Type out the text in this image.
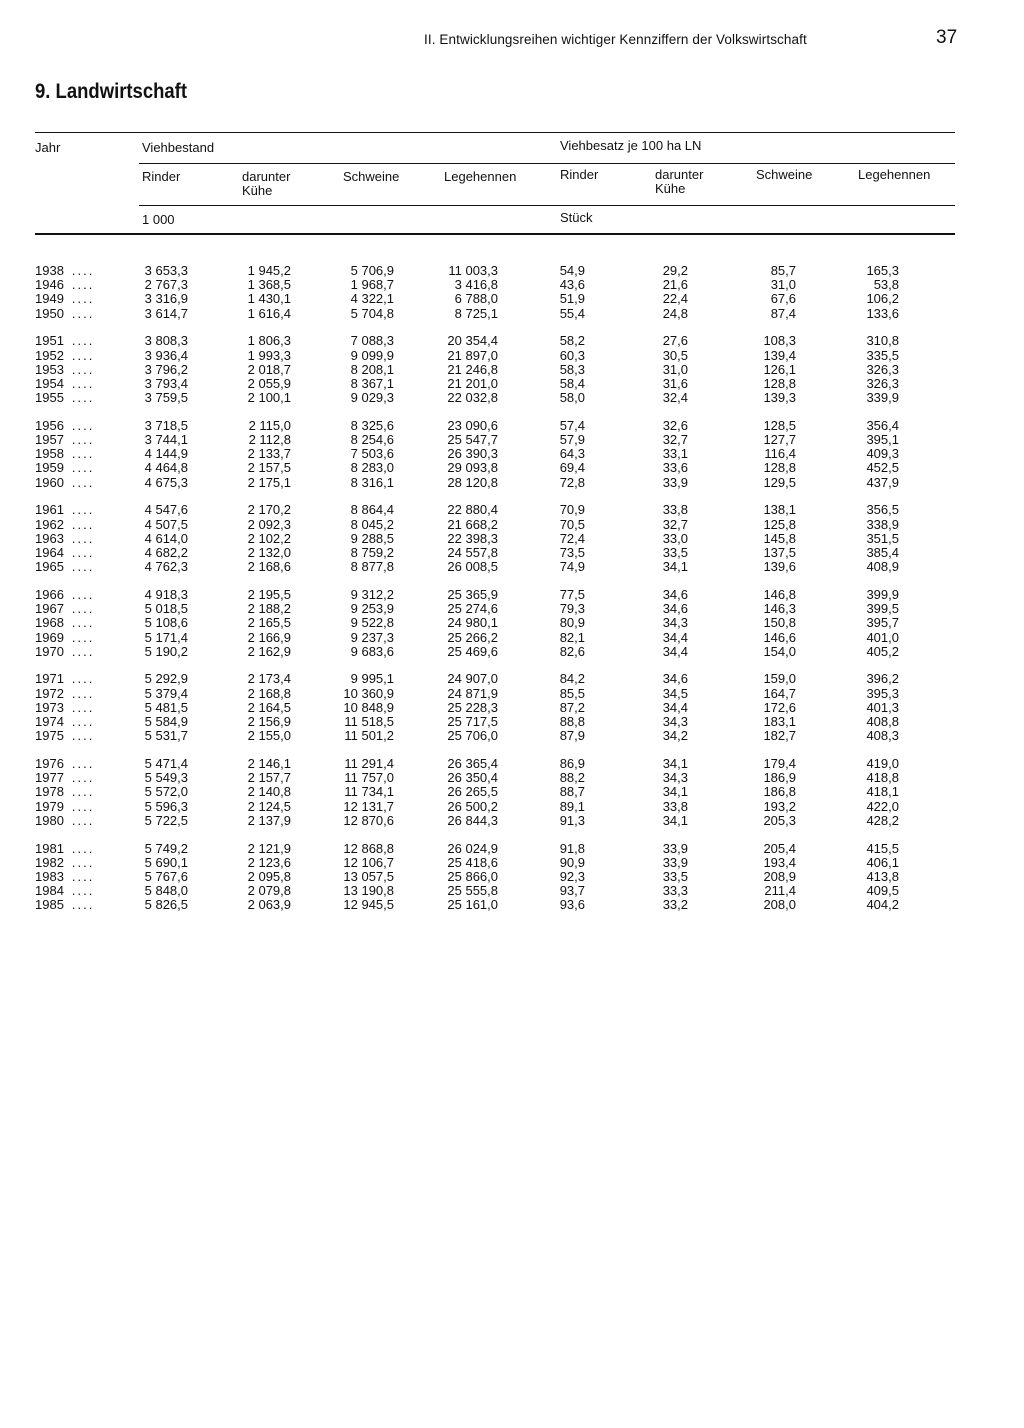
II. Entwicklungsreihen wichtiger Kennziffern der Volkswirtschaft	37
9. Landwirtschaft
Jahr	Viehbestand	Viehbesatz je 100 ha LN
Rinder	darunter
Kühe
Schweine	Legehennen	Rinder	darunter
Kühe
Schweine	Legehennen
1 000	Stück
1938 ....	3 653,3	1 945,2	5 706,9	11 003,3	54,9	29,2	85,7	165,3
1946 ....	2 767,3	1 368,5	1 968,7	3 416,8	43,6	21,6	31,0	53,8
1949 ....	3 316,9	1 430,1	4 322,1	6 788,0	51,9	22,4	67,6	106,2
1950 ....	3 614,7	1 616,4	5 704,8	8 725,1	55,4	24,8	87,4	133,6
1951 ....	3 808,3	1 806,3	7 088,3	20 354,4	58,2	27,6	108,3	310,8
1952 ....	3 936,4	1 993,3	9 099,9	21 897,0	60,3	30,5	139,4	335,5
1953 ....	3 796,2	2 018,7	8 208,1	21 246,8	58,3	31,0	126,1	326,3
1954 ....	3 793,4	2 055,9	8 367,1	21 201,0	58,4	31,6	128,8	326,3
1955 ....	3 759,5	2 100,1	9 029,3	22 032,8	58,0	32,4	139,3	339,9
1956 ....	3 718,5	2 115,0	8 325,6	23 090,6	57,4	32,6	128,5	356,4
1957 ....	3 744,1	2 112,8	8 254,6	25 547,7	57,9	32,7	127,7	395,1
1958 ....	4 144,9	2 133,7	7 503,6	26 390,3	64,3	33,1	116,4	409,3
1959 ....	4 464,8	2 157,5	8 283,0	29 093,8	69,4	33,6	128,8	452,5
1960 ....	4 675,3	2 175,1	8 316,1	28 120,8	72,8	33,9	129,5	437,9
1961 ....	4 547,6	2 170,2	8 864,4	22 880,4	70,9	33,8	138,1	356,5
1962 ....	4 507,5	2 092,3	8 045,2	21 668,2	70,5	32,7	125,8	338,9
1963 ....	4 614,0	2 102,2	9 288,5	22 398,3	72,4	33,0	145,8	351,5
1964 ....	4 682,2	2 132,0	8 759,2	24 557,8	73,5	33,5	137,5	385,4
1965 ....	4 762,3	2 168,6	8 877,8	26 008,5	74,9	34,1	139,6	408,9
1966 ....	4 918,3	2 195,5	9 312,2	25 365,9	77,5	34,6	146,8	399,9
1967 ....	5 018,5	2 188,2	9 253,9	25 274,6	79,3	34,6	146,3	399,5
1968 ....	5 108,6	2 165,5	9 522,8	24 980,1	80,9	34,3	150,8	395,7
1969 ....	5 171,4	2 166,9	9 237,3	25 266,2	82,1	34,4	146,6	401,0
1970 ....	5 190,2	2 162,9	9 683,6	25 469,6	82,6	34,4	154,0	405,2
1971 ....	5 292,9	2 173,4	9 995,1	24 907,0	84,2	34,6	159,0	396,2
1972 ....	5 379,4	2 168,8	10 360,9	24 871,9	85,5	34,5	164,7	395,3
1973 ....	5 481,5	2 164,5	10 848,9	25 228,3	87,2	34,4	172,6	401,3
1974 ....	5 584,9	2 156,9	11 518,5	25 717,5	88,8	34,3	183,1	408,8
1975 ....	5 531,7	2 155,0	11 501,2	25 706,0	87,9	34,2	182,7	408,3
1976 ....	5 471,4	2 146,1	11 291,4	26 365,4	86,9	34,1	179,4	419,0
1977 ....	5 549,3	2 157,7	11 757,0	26 350,4	88,2	34,3	186,9	418,8
1978 ....	5 572,0	2 140,8	11 734,1	26 265,5	88,7	34,1	186,8	418,1
1979 ....	5 596,3	2 124,5	12 131,7	26 500,2	89,1	33,8	193,2	422,0
1980 ....	5 722,5	2 137,9	12 870,6	26 844,3	91,3	34,1	205,3	428,2
1981 ....	5 749,2	2 121,9	12 868,8	26 024,9	91,8	33,9	205,4	415,5
1982 ....	5 690,1	2 123,6	12 106,7	25 418,6	90,9	33,9	193,4	406,1
1983 ....	5 767,6	2 095,8	13 057,5	25 866,0	92,3	33,5	208,9	413,8
1984 ....	5 848,0	2 079,8	13 190,8	25 555,8	93,7	33,3	211,4	409,5
1985 ....	5 826,5	2 063,9	12 945,5	25 161,0	93,6	33,2	208,0	404,2
